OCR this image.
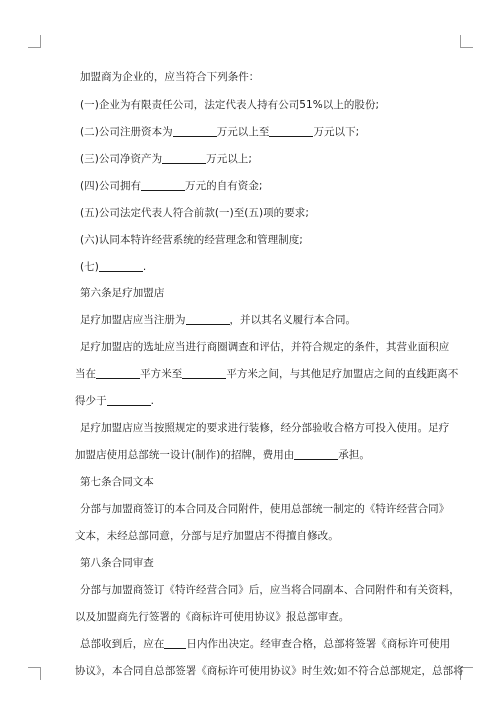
加盟商为企业的，应当符合下列条件：
(一)企业为有限责任公司，法定代表人持有公司51%以上的股份;
(二)公司注册资本为	万元以上至	万元以下;
(三)公司净资产为	万元以上;
(四)公司拥有	万元的自有资金;
(五)公司法定代表人符合前款(一)至(五)项的要求;
(六)认同本特许经营系统的经营理念和管理制度;
(七)	.
第六条足疗加盟店
足疗加盟店应当注册为	，并以其名义履行本合同。
足疗加盟店的选址应当进行商圈调查和评估，并符合规定的条件，其营业面积应
当在	平方米至	平方米之间，与其他足疗加盟店之间的直线距离不
得少于	.
足疗加盟店应当按照规定的要求进行装修，经分部验收合格方可投入使用。足疗
加盟店使用总部统一设计(制作)的招牌，费用由	承担。
第七条合同文本
分部与加盟商签订的本合同及合同附件，使用总部统一制定的《特许经营合同》
文本，未经总部同意，分部与足疗加盟店不得擅自修改。
第八条合同审查
分部与加盟商签订《特许经营合同》后，应当将合同副本、合同附件和有关资料，
以及加盟商先行签署的《商标许可使用协议》报总部审查。
总部收到后，应在 日内作出决定。经审查合格，总部将签署《商标许可使用
协议》，本合同自总部签署《商标许可使用协议》时生效;如不符合总部规定，总部将
